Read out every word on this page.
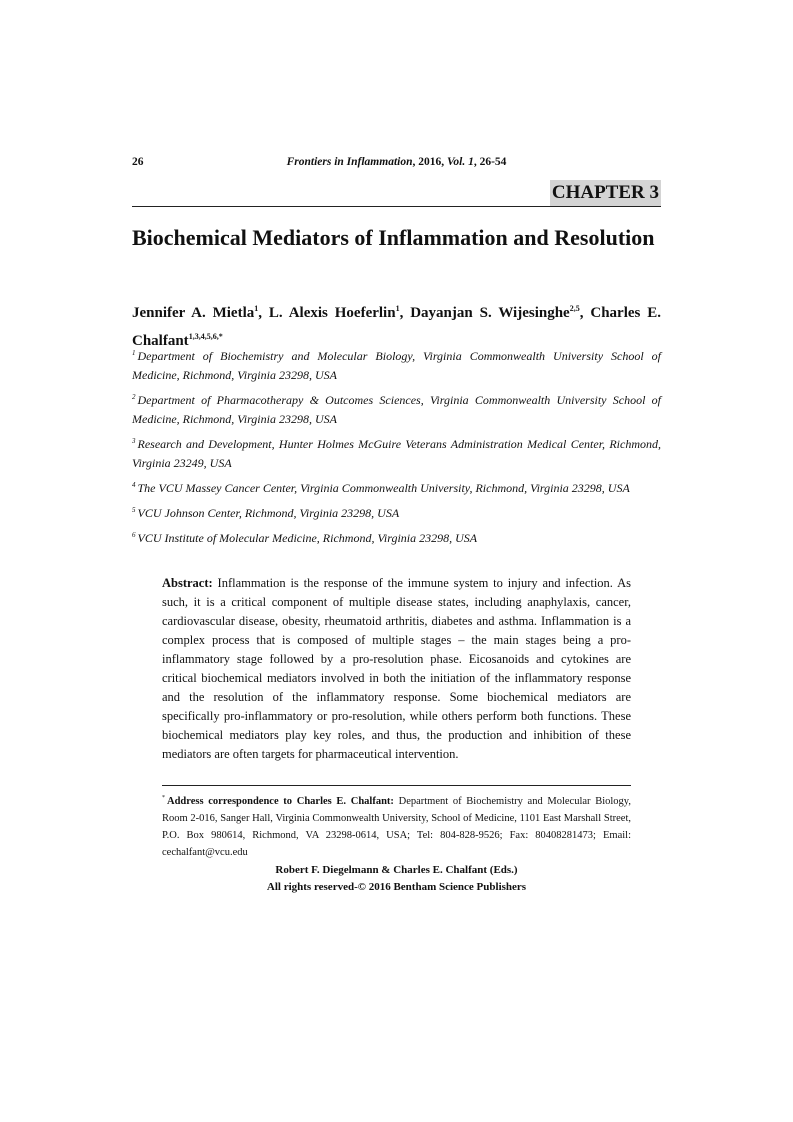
26	Frontiers in Inflammation, 2016, Vol. 1, 26-54
CHAPTER 3
Biochemical Mediators of Inflammation and Resolution
Jennifer A. Mietla$^1$, L. Alexis Hoeferlin$^1$, Dayanjan S. Wijesinghe$^{2,5}$, Charles E. Chalfant$^{1,3,4,5,6,*}$
$^1$ Department of Biochemistry and Molecular Biology, Virginia Commonwealth University School of Medicine, Richmond, Virginia 23298, USA
$^2$ Department of Pharmacotherapy & Outcomes Sciences, Virginia Commonwealth University School of Medicine, Richmond, Virginia 23298, USA
$^3$ Research and Development, Hunter Holmes McGuire Veterans Administration Medical Center, Richmond, Virginia 23249, USA
$^4$ The VCU Massey Cancer Center, Virginia Commonwealth University, Richmond, Virginia 23298, USA
$^5$ VCU Johnson Center, Richmond, Virginia 23298, USA
$^6$ VCU Institute of Molecular Medicine, Richmond, Virginia 23298, USA
Abstract: Inflammation is the response of the immune system to injury and infection. As such, it is a critical component of multiple disease states, including anaphylaxis, cancer, cardiovascular disease, obesity, rheumatoid arthritis, diabetes and asthma. Inflammation is a complex process that is composed of multiple stages – the main stages being a pro-inflammatory stage followed by a pro-resolution phase. Eicosanoids and cytokines are critical biochemical mediators involved in both the initiation of the inflammatory response and the resolution of the inflammatory response. Some biochemical mediators are specifically pro-inflammatory or pro-resolution, while others perform both functions. These biochemical mediators play key roles, and thus, the production and inhibition of these mediators are often targets for pharmaceutical intervention.
* Address correspondence to Charles E. Chalfant: Department of Biochemistry and Molecular Biology, Room 2-016, Sanger Hall, Virginia Commonwealth University, School of Medicine, 1101 East Marshall Street, P.O. Box 980614, Richmond, VA 23298-0614, USA; Tel: 804-828-9526; Fax: 80408281473; Email: cechalfant@vcu.edu
Robert F. Diegelmann & Charles E. Chalfant (Eds.)
All rights reserved-© 2016 Bentham Science Publishers
